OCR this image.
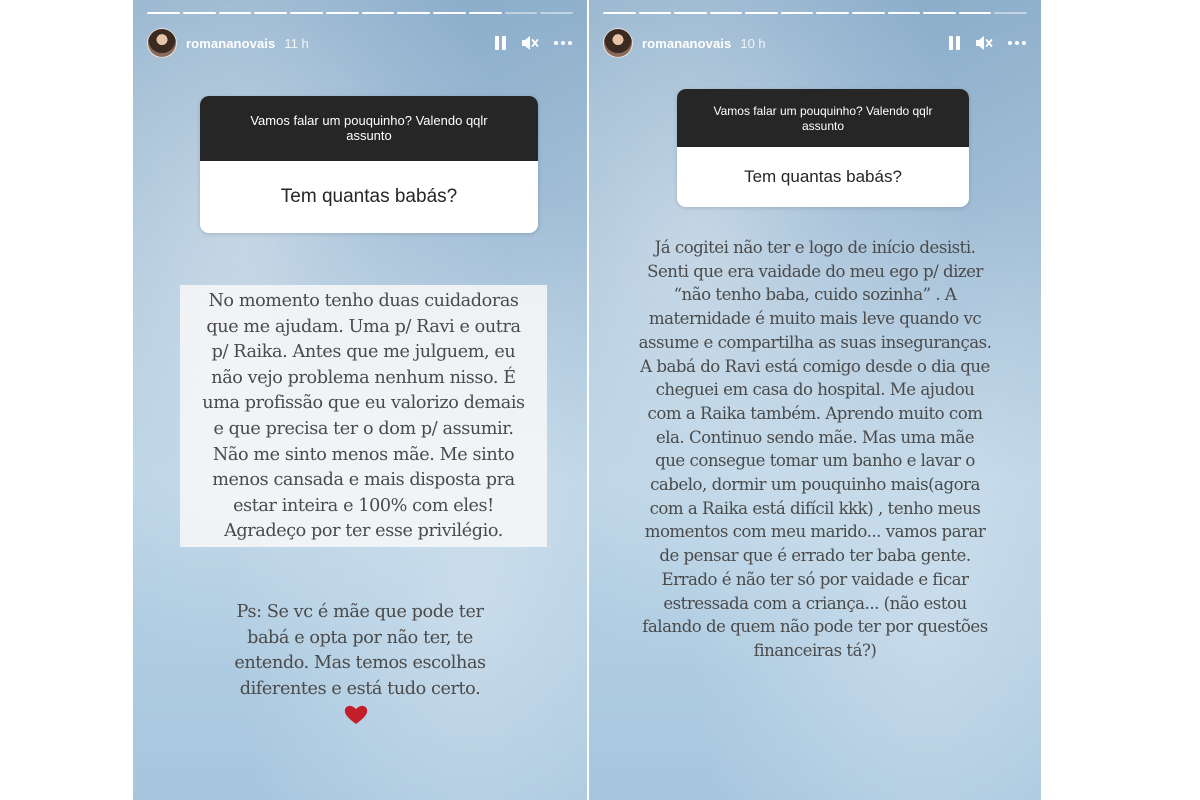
romananovais 11 h
Vamos falar um pouquinho? Valendo qqlr assunto
Tem quantas babás?

No momento tenho duas cuidadoras

que me ajudam. Uma p/ Ravi e outra

p/ Raika. Antes que me julguem, eu

não vejo problema nenhum nisso. É

uma profissão que eu valorizo demais

e que precisa ter o dom p/ assumir.

Não me sinto menos mãe. Me sinto

menos cansada e mais disposta pra

estar inteira e 100% com eles!

Agradeço por ter esse privilégio.

Ps: Se vc é mãe que pode ter

babá e opta por não ter, te

entendo. Mas temos escolhas

diferentes e está tudo certo.

romananovais 10 h
Vamos falar um pouquinho? Valendo qqlr assunto
Tem quantas babás?

Já cogitei não ter e logo de início desisti.

Senti que era vaidade do meu ego p/ dizer

“não tenho baba, cuido sozinha” . A

maternidade é muito mais leve quando vc

assume e compartilha as suas inseguranças.

A babá do Ravi está comigo desde o dia que

cheguei em casa do hospital. Me ajudou

com a Raika também. Aprendo muito com

ela. Continuo sendo mãe. Mas uma mãe

que consegue tomar um banho e lavar o

cabelo, dormir um pouquinho mais(agora

com a Raika está difícil kkk) , tenho meus

momentos com meu marido... vamos parar

de pensar que é errado ter baba gente.

Errado é não ter só por vaidade e ficar

estressada com a criança... (não estou

falando de quem não pode ter por questões

financeiras tá?)
